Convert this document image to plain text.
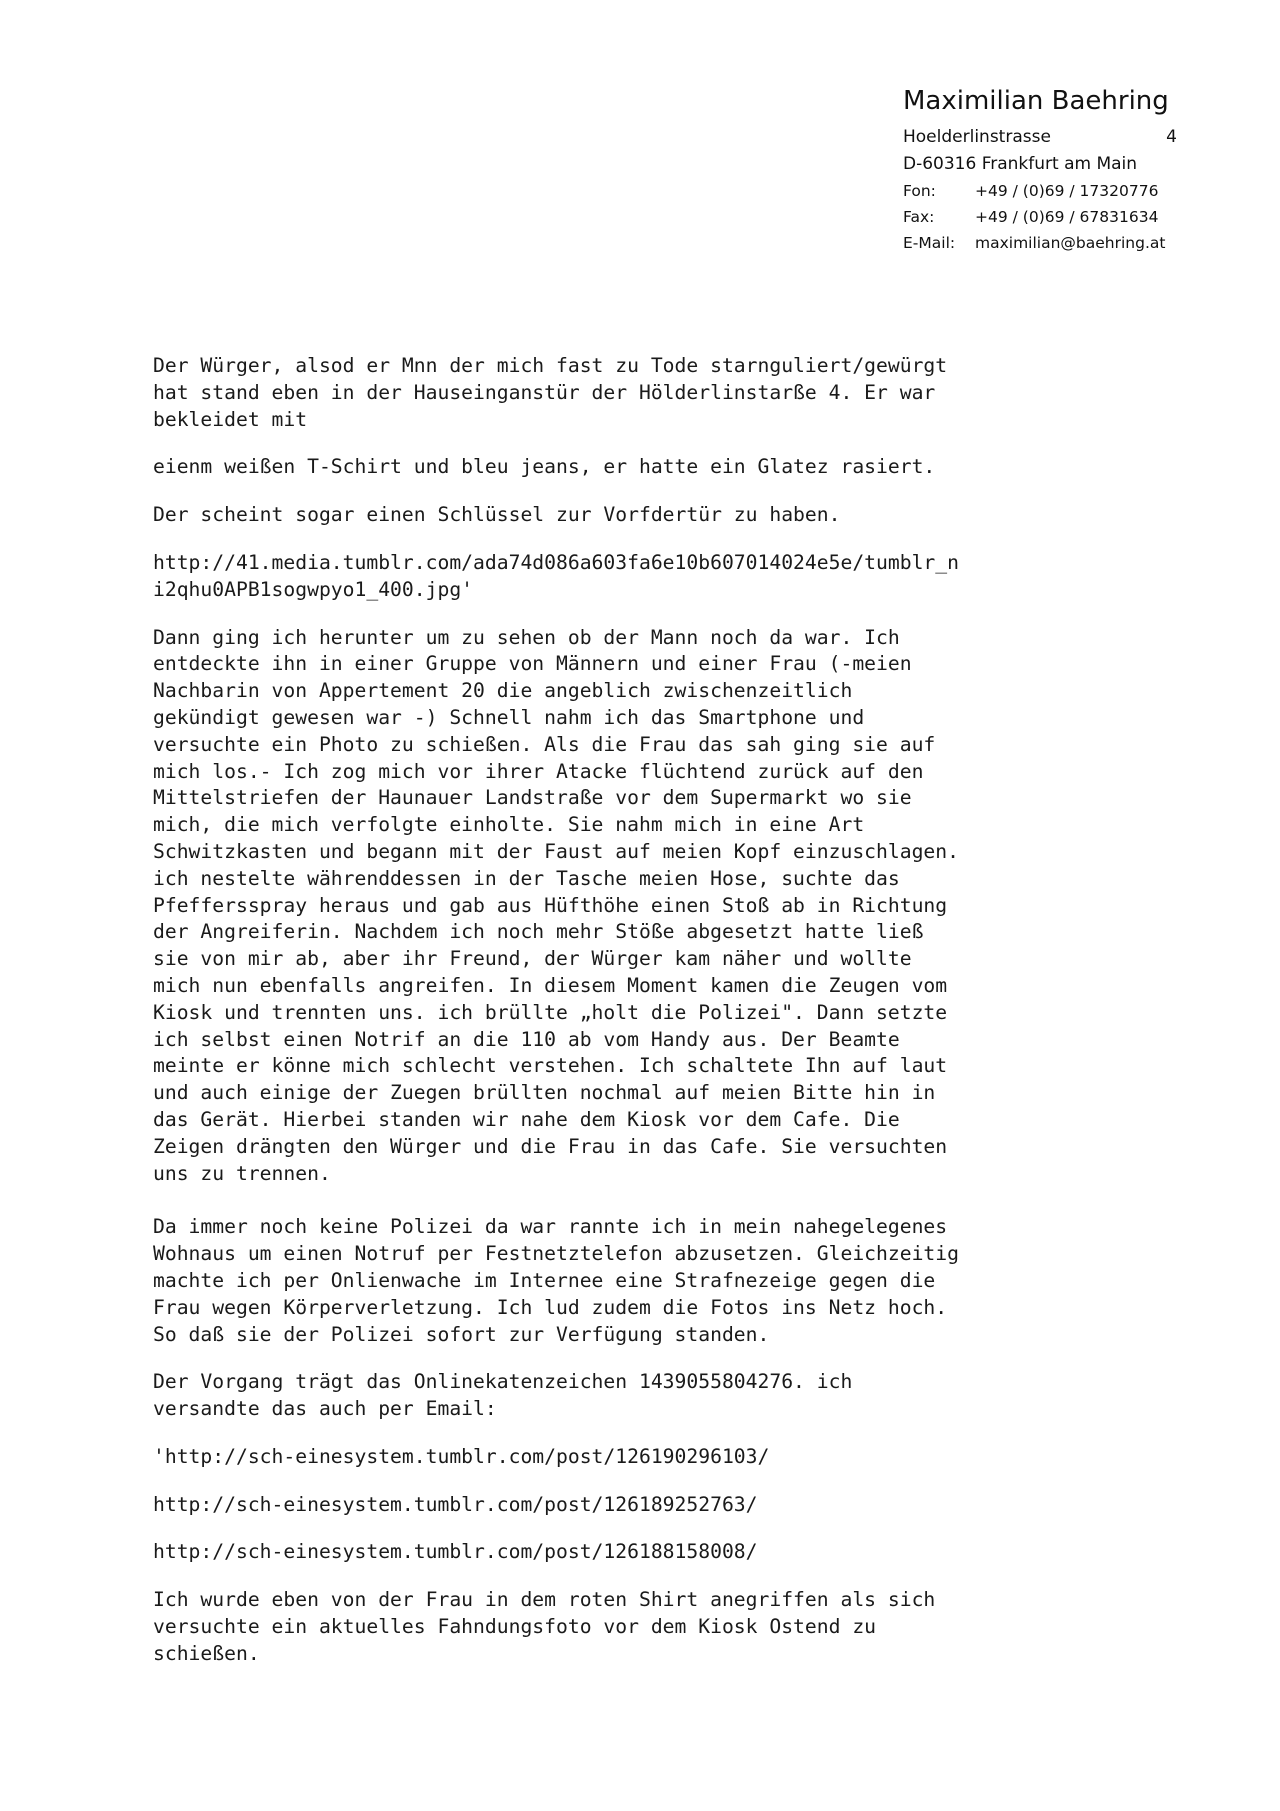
Maximilian Baehring
Hoelderlinstrasse	4
D-60316 Frankfurt am Main
Fon:	+49 / (0)69 / 17320776
Fax:	+49 / (0)69 / 67831634
E-Mail:	maximilian@baehring.at

Der Würger, alsod er Mnn der mich fast zu Tode starnguliert/gewürgt
hat stand eben in der Hauseinganstür der Hölderlinstarße 4. Er war
bekleidet mit

eienm weißen T-Schirt und bleu jeans, er hatte ein Glatez rasiert.

Der scheint sogar einen Schlüssel zur Vorfdertür zu haben.

http://41.media.tumblr.com/ada74d086a603fa6e10b607014024e5e/tumblr_n
i2qhu0APB1sogwpyo1_400.jpg'

Dann ging ich herunter um zu sehen ob der Mann noch da war. Ich
entdeckte ihn in einer Gruppe von Männern und einer Frau (-meien
Nachbarin von Appertement 20 die angeblich zwischenzeitlich
gekündigt gewesen war -) Schnell nahm ich das Smartphone und
versuchte ein Photo zu schießen. Als die Frau das sah ging sie auf
mich los.- Ich zog mich vor ihrer Atacke flüchtend zurück auf den
Mittelstriefen der Haunauer Landstraße vor dem Supermarkt wo sie
mich, die mich verfolgte einholte. Sie nahm mich in eine Art
Schwitzkasten und begann mit der Faust auf meien Kopf einzuschlagen.
ich nestelte währenddessen in der Tasche meien Hose, suchte das
Pfeffersspray heraus und gab aus Hüfthöhe einen Stoß ab in Richtung
der Angreiferin. Nachdem ich noch mehr Stöße abgesetzt hatte ließ
sie von mir ab, aber ihr Freund, der Würger kam näher und wollte
mich nun ebenfalls angreifen. In diesem Moment kamen die Zeugen vom
Kiosk und trennten uns. ich brüllte „holt die Polizei". Dann setzte
ich selbst einen Notrif an die 110 ab vom Handy aus. Der Beamte
meinte er könne mich schlecht verstehen. Ich schaltete Ihn auf laut
und auch einige der Zuegen brüllten nochmal auf meien Bitte hin in
das Gerät. Hierbei standen wir nahe dem Kiosk vor dem Cafe. Die
Zeigen drängten den Würger und die Frau in das Cafe. Sie versuchten
uns zu trennen.

Da immer noch keine Polizei da war rannte ich in mein nahegelegenes
Wohnaus um einen Notruf per Festnetztelefon abzusetzen. Gleichzeitig
machte ich per Onlienwache im Internee eine Strafnezeige gegen die
Frau wegen Körperverletzung. Ich lud zudem die Fotos ins Netz hoch.
So daß sie der Polizei sofort zur Verfügung standen.

Der Vorgang trägt das Onlinekatenzeichen 1439055804276. ich
versandte das auch per Email:

'http://sch-einesystem.tumblr.com/post/126190296103/

http://sch-einesystem.tumblr.com/post/126189252763/

http://sch-einesystem.tumblr.com/post/126188158008/

Ich wurde eben von der Frau in dem roten Shirt anegriffen als sich
versuchte ein aktuelles Fahndungsfoto vor dem Kiosk Ostend zu
schießen.
